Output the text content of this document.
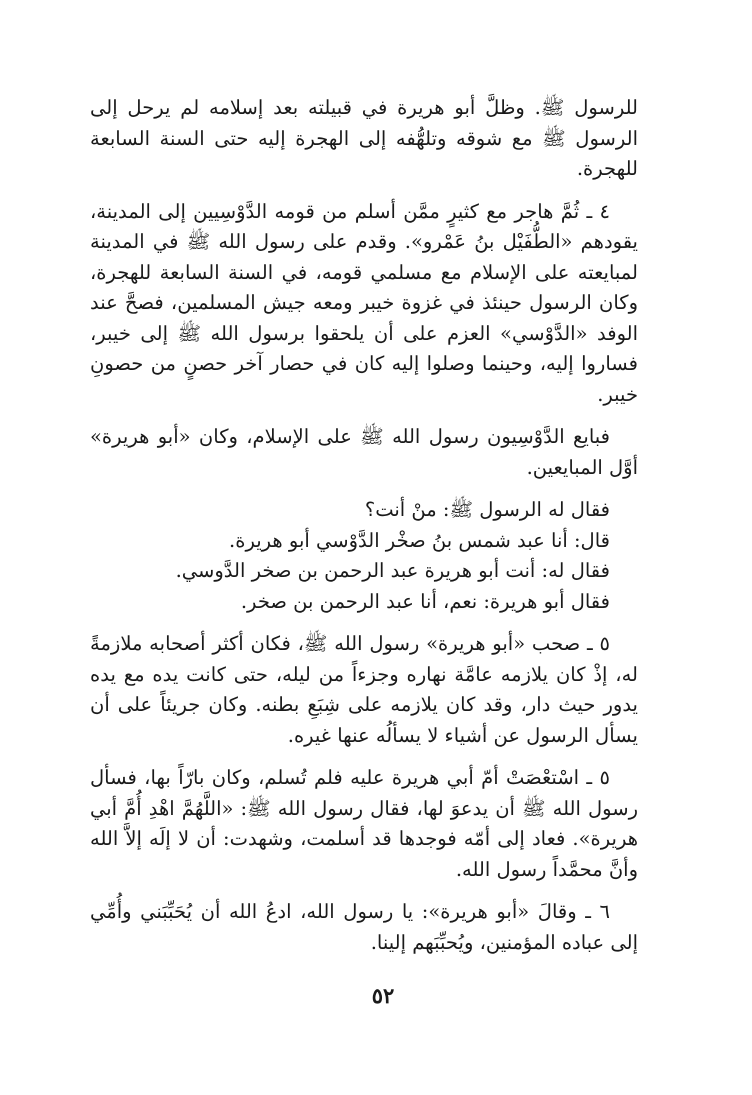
للرسول ﷺ. وظلَّ أبو هريرة في قبيلته بعد إسلامه لم يرحل إلى الرسول ﷺ مع شوقه وتلهُّفه إلى الهجرة إليه حتى السنة السابعة للهجرة.

٤ ـ ثُمَّ هاجر مع كثيرٍ ممَّن أسلم من قومه الدَّوْسِيين إلى المدينة، يقودهم «الطُّفَيْل بنُ عَمْرو». وقدم على رسول الله ﷺ في المدينة لمبايعته على الإسلام مع مسلمي قومه، في السنة السابعة للهجرة، وكان الرسول حينئذ في غزوة خيبر ومعه جيش المسلمين، فصحَّ عند الوفد «الدَّوْسي» العزم على أن يلحقوا برسول الله ﷺ إلى خيبر، فساروا إليه، وحينما وصلوا إليه كان في حصار آخر حصنٍ من حصونِ خيبر.

فبايع الدَّوْسِيون رسول الله ﷺ على الإسلام، وكان «أبو هريرة» أوَّل المبايعين.

فقال له الرسول ﷺ: منْ أنت؟

قال: أنا عبد شمس بنُ صخْر الدَّوْسي أبو هريرة.

فقال له: أنت أبو هريرة عبد الرحمن بن صخر الدَّوسي.

فقال أبو هريرة: نعم، أنا عبد الرحمن بن صخر.

٥ ـ صحب «أبو هريرة» رسول الله ﷺ، فكان أكثر أصحابه ملازمةً له، إذْ كان يلازمه عامَّة نهاره وجزءاً من ليله، حتى كانت يده مع يده يدور حيث دار، وقد كان يلازمه على شِبَعِ بطنه. وكان جريئاً على أن يسأل الرسول عن أشياء لا يسألُه عنها غيره.

٥ ـ اسْتعْصَتْ أمّ أبي هريرة عليه فلم تُسلم، وكان بارّاً بها، فسأل رسول الله ﷺ أن يدعوَ لها، فقال رسول الله ﷺ: «اللَّهُمَّ اهْدِ أُمَّ أبي هريرة». فعاد إلى أمّه فوجدها قد أسلمت، وشهدت: أن لا إلَه إلاَّ الله وأنَّ محمَّداً رسول الله.

٦ ـ وقالَ «أبو هريرة»: يا رسول الله، ادعُ الله أن يُحَبِّبَني وأُمِّي إلى عباده المؤمنين، ويُحبِّبَهم إلينا.

٥٢
